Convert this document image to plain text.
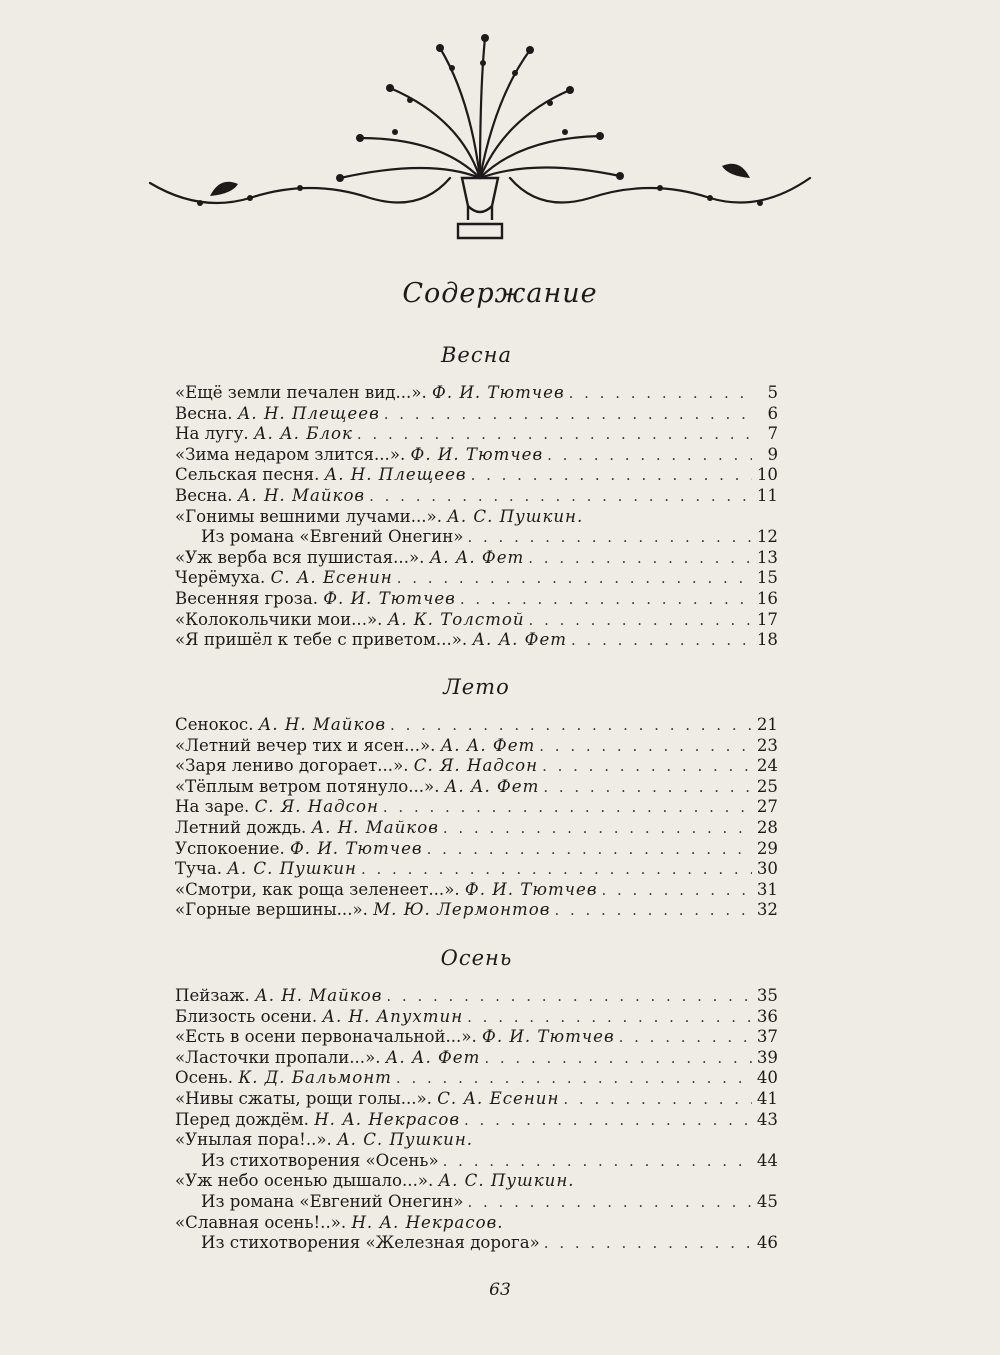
Содержание
Весна
«Ещё земли печален вид...». Ф. И. Тютчев . . .	5
Весна. А. Н. Плещеев . . .	6
На лугу. А. А. Блок . . .	7
«Зима недаром злится...». Ф. И. Тютчев . . .	9
Сельская песня. А. Н. Плещеев . . .	10
Весна. А. Н. Майков . . .	11
«Гонимы вешними лучами...». А. С. Пушкин.
Из романа «Евгений Онегин» . . .	12
«Уж верба вся пушистая...». А. А. Фет . . .	13
Черёмуха. С. А. Есенин . . .	15
Весенняя гроза. Ф. И. Тютчев . . .	16
«Колокольчики мои...». А. К. Толстой . . .	17
«Я пришёл к тебе с приветом...». А. А. Фет . . .	18
Лето
Сенокос. А. Н. Майков . . .	21
«Летний вечер тих и ясен...». А. А. Фет . . .	23
«Заря лениво догорает...». С. Я. Надсон . . .	24
«Тёплым ветром потянуло...». А. А. Фет . . .	25
На заре. С. Я. Надсон . . .	27
Летний дождь. А. Н. Майков . . .	28
Успокоение. Ф. И. Тютчев . . .	29
Туча. А. С. Пушкин . . .	30
«Смотри, как роща зеленеет...». Ф. И. Тютчев . . .	31
«Горные вершины...». М. Ю. Лермонтов . . .	32
Осень
Пейзаж. А. Н. Майков . . .	35
Близость осени. А. Н. Апухтин . . .	36
«Есть в осени первоначальной...». Ф. И. Тютчев . . .	37
«Ласточки пропали...». А. А. Фет . . .	39
Осень. К. Д. Бальмонт . . .	40
«Нивы сжаты, рощи голы...». С. А. Есенин . . .	41
Перед дождём. Н. А. Некрасов . . .	43
«Унылая пора!..». А. С. Пушкин.
Из стихотворения «Осень» . . .	44
«Уж небо осенью дышало...». А. С. Пушкин.
Из романа «Евгений Онегин» . . .	45
«Славная осень!..». Н. А. Некрасов.
Из стихотворения «Железная дорога» . . .	46
63
